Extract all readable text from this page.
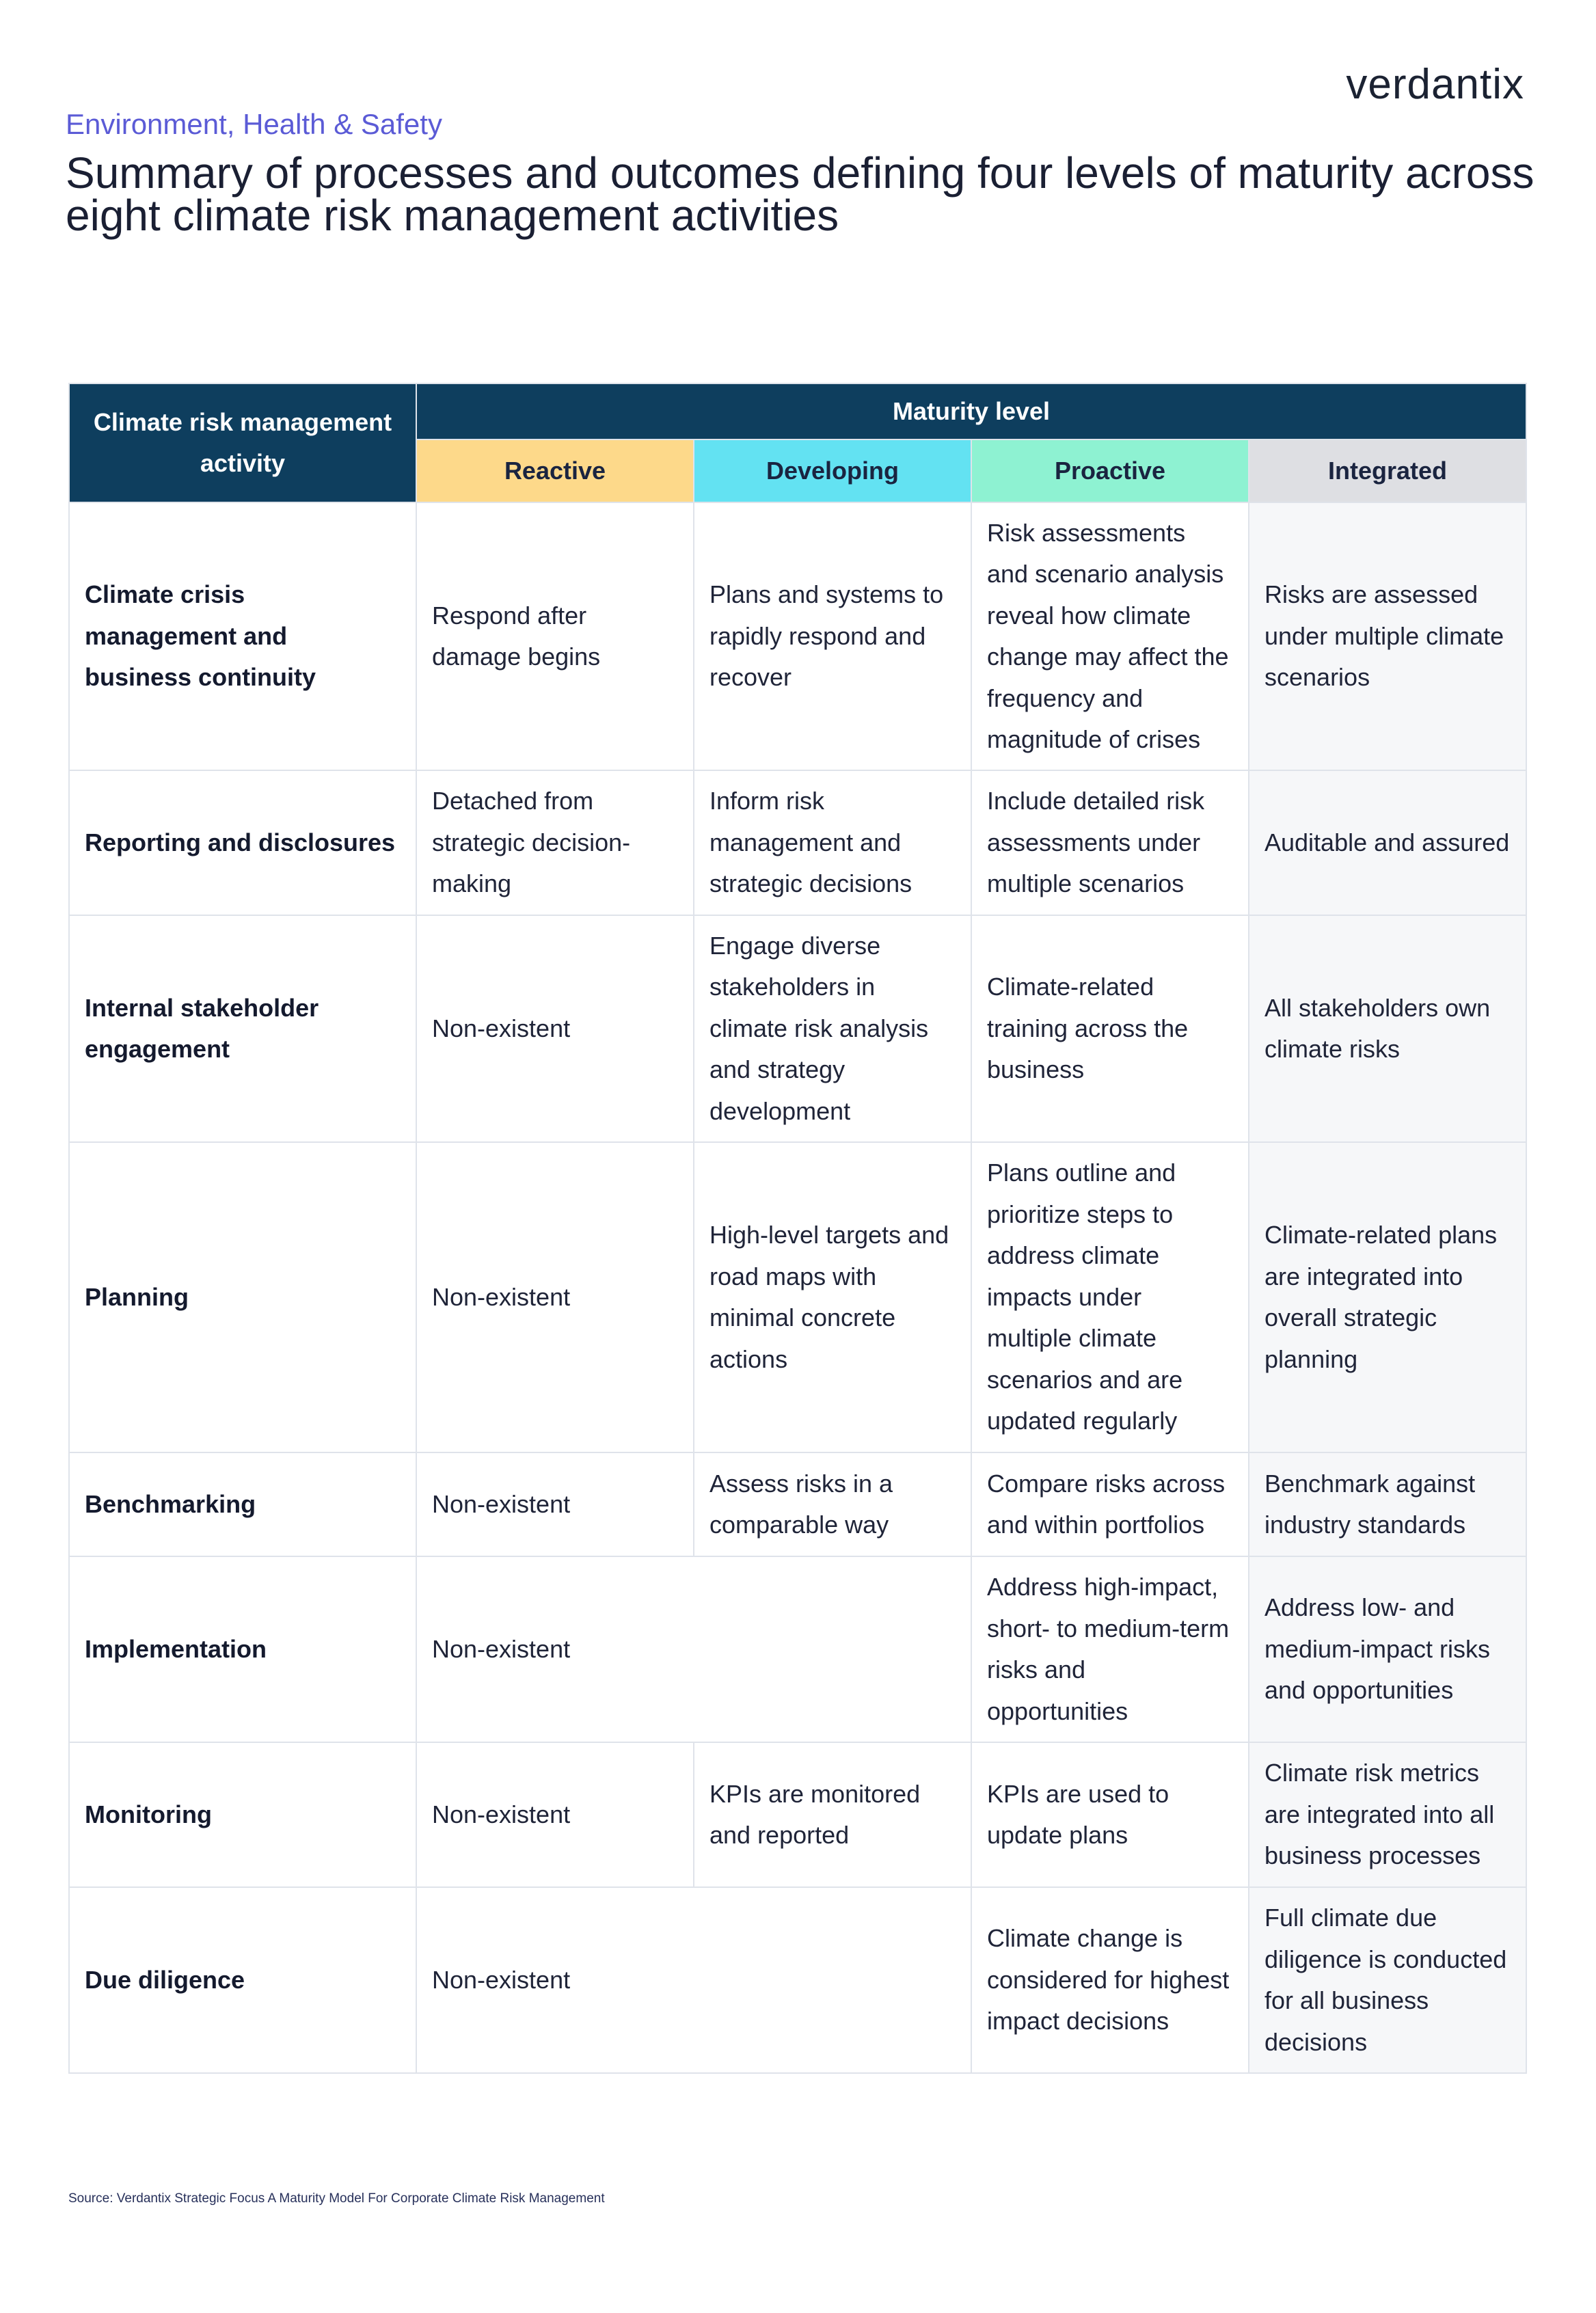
verdantix
Environment, Health & Safety
Summary of processes and outcomes defining four levels of maturity across eight climate risk management activities
Climate risk management activity	Maturity level			
	Reactive	Developing	Proactive	Integrated
Climate crisis management and business continuity	Respond after damage begins	Plans and systems to rapidly respond and recover	Risk assessments and scenario analysis reveal how climate change may affect the frequency and magnitude of crises	Risks are assessed under multiple climate scenarios
Reporting and disclosures	Detached from strategic decision-making	Inform risk management and strategic decisions	Include detailed risk assessments under multiple scenarios	Auditable and assured
Internal stakeholder engagement	Non-existent	Engage diverse stakeholders in climate risk analysis and strategy development	Climate-related training across the business	All stakeholders own climate risks
Planning	Non-existent	High-level targets and road maps with minimal concrete actions	Plans outline and prioritize steps to address climate impacts under multiple climate scenarios and are updated regularly	Climate-related plans are integrated into overall strategic planning
Benchmarking	Non-existent	Assess risks in a comparable way	Compare risks across and within portfolios	Benchmark against industry standards
Implementation	Non-existent		Address high-impact, short- to medium-term risks and opportunities	Address low- and medium-impact risks and opportunities
Monitoring	Non-existent	KPIs are monitored and reported	KPIs are used to update plans	Climate risk metrics are integrated into all business processes
Due diligence	Non-existent		Climate change is considered for highest impact decisions	Full climate due diligence is conducted for all business decisions
Source: Verdantix Strategic Focus A Maturity Model For Corporate Climate Risk Management
